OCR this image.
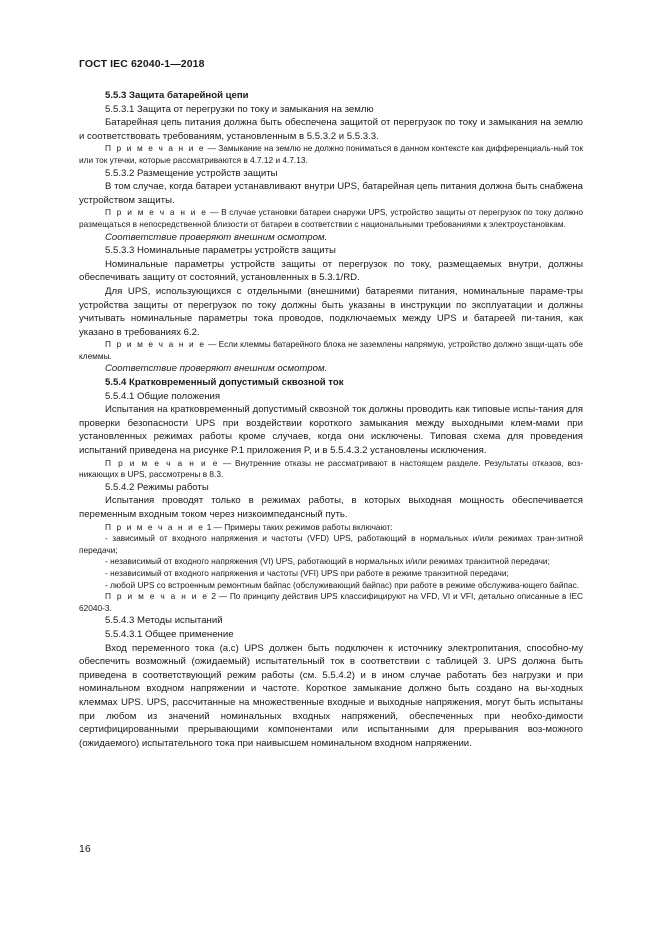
ГОСТ IEC 62040-1—2018

5.5.3 Защита батарейной цепи

5.5.3.1 Защита от перегрузки по току и замыкания на землю

Батарейная цепь питания должна быть обеспечена защитой от перегрузок по току и замыкания на землю и соответствовать требованиям, установленным в 5.5.3.2 и 5.5.3.3.

П р и м е ч а н и е — Замыкание на землю не должно пониматься в данном контексте как дифференциаль-ный ток или ток утечки, которые рассматриваются в 4.7.12 и 4.7.13.

5.5.3.2 Размещение устройств защиты

В том случае, когда батареи устанавливают внутри UPS, батарейная цепь питания должна быть снабжена устройством защиты.

П р и м е ч а н и е — В случае установки батареи снаружи UPS, устройство защиты от перегрузок по току должно размещаться в непосредственной близости от батареи в соответствии с национальными требованиями к электроустановкам.

Соответствие проверяют внешним осмотром.

5.5.3.3 Номинальные параметры устройств защиты

Номинальные параметры устройств защиты от перегрузок по току, размещаемых внутри, должны обеспечивать защиту от состояний, установленных в 5.3.1/RD.

Для UPS, использующихся с отдельными (внешними) батареями питания, номинальные параме-тры устройства защиты от перегрузок по току должны быть указаны в инструкции по эксплуатации и должны учитывать номинальные параметры тока проводов, подключаемых между UPS и батареей пи-тания, как указано в требованиях 6.2.

П р и м е ч а н и е — Если клеммы батарейного блока не заземлены напрямую, устройство должно защи-щать обе клеммы.

Соответствие проверяют внешним осмотром.

5.5.4 Кратковременный допустимый сквозной ток

5.5.4.1 Общие положения

Испытания на кратковременный допустимый сквозной ток должны проводить как типовые испы-тания для проверки безопасности UPS при воздействии короткого замыкания между выходными клем-мами при установленных режимах работы кроме случаев, когда они исключены. Типовая схема для проведения испытаний приведена на рисунке P.1 приложения P, и в 5.5.4.3.2 установлены исключения.

П р и м е ч а н и е — Внутренние отказы не рассматривают в настоящем разделе. Результаты отказов, воз-никающих в UPS, рассмотрены в 8.3.

5.5.4.2 Режимы работы

Испытания проводят только в режимах работы, в которых выходная мощность обеспечивается переменным входным током через низкоимпедансный путь.

П р и м е ч а н и е 1 — Примеры таких режимов работы включают:

- зависимый от входного напряжения и частоты (VFD) UPS, работающий в нормальных и/или режимах тран-зитной передачи;

- независимый от входного напряжения (VI) UPS, работающий в нормальных и/или режимах транзитной передачи;

- независимый от входного напряжения и частоты (VFI) UPS при работе в режиме транзитной передачи;

- любой UPS со встроенным ремонтным байпас (обслуживающий байпас) при работе в режиме обслужива-ющего байпас.

П р и м е ч а н и е 2 — По принципу действия UPS классифицируют на VFD, VI и VFI, детально описанные в IEC 62040-3.

5.5.4.3 Методы испытаний

5.5.4.3.1 Общее применение

Вход переменного тока (a.c) UPS должен быть подключен к источнику электропитания, способно-му обеспечить возможный (ожидаемый) испытательный ток в соответствии с таблицей 3. UPS должна быть приведена в соответствующий режим работы (см. 5.5.4.2) и в ином случае работать без нагрузки и при номинальном входном напряжении и частоте. Короткое замыкание должно быть создано на вы-ходных клеммах UPS. UPS, рассчитанные на множественные входные и выходные напряжения, могут быть испытаны при любом из значений номинальных входных напряжений, обеспеченных при необхо-димости сертифицированными прерывающими компонентами или испытанными для прерывания воз-можного (ожидаемого) испытательного тока при наивысшем номинальном входном напряжении.

16
